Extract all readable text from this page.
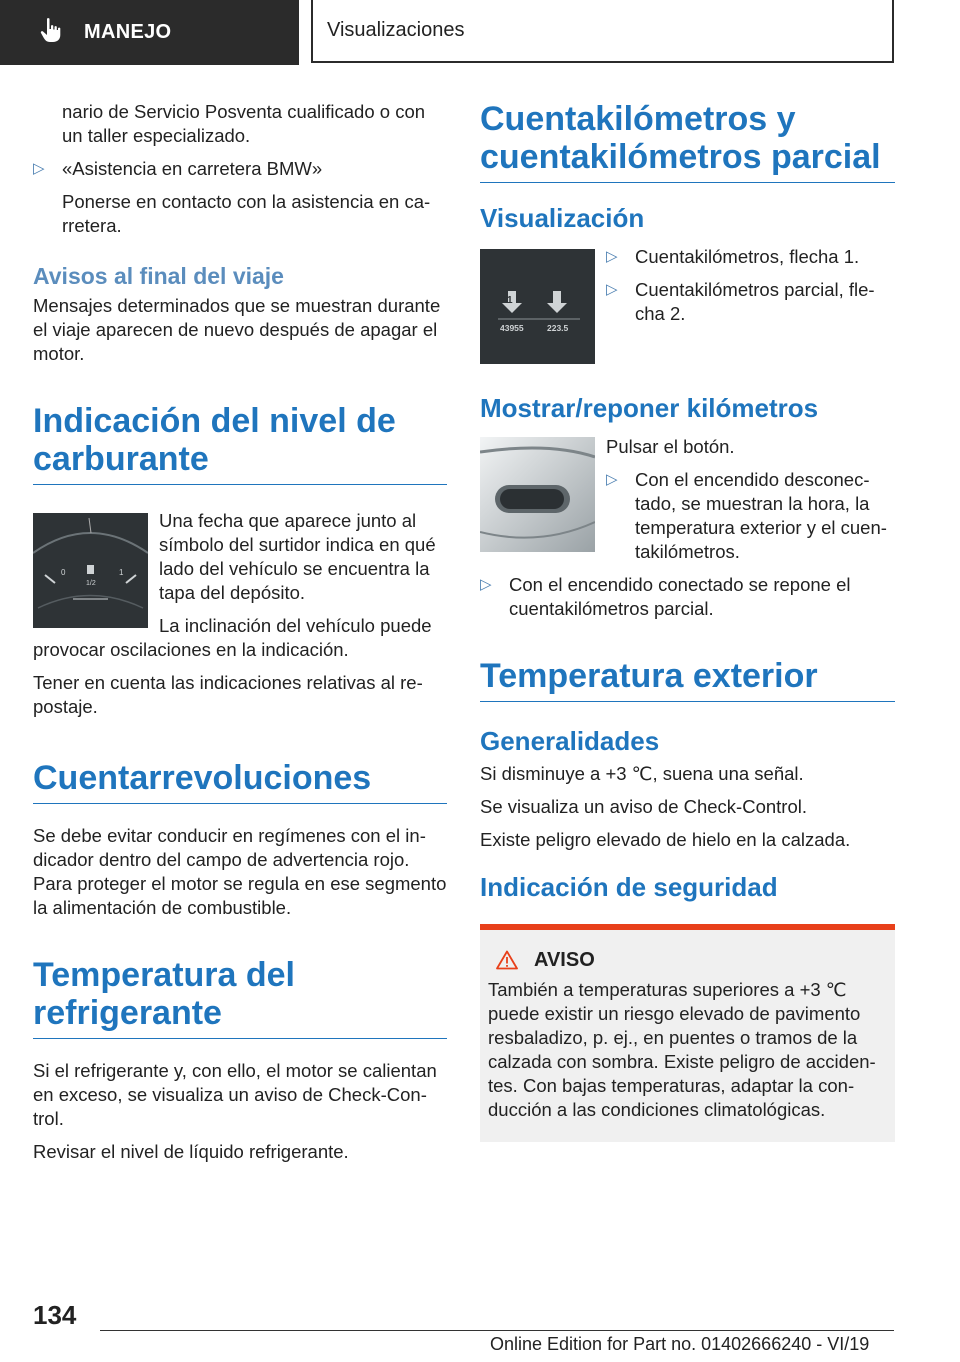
MANEJO	Visualizaciones

nario de Servicio Posventa cualificado o con un taller especializado.

▷ «Asistencia en carretera BMW»

Ponerse en contacto con la asistencia en carretera.

Avisos al final del viaje

Mensajes determinados que se muestran durante el viaje aparecen de nuevo después de apagar el motor.

Indicación del nivel de carburante
0	1
1/2

Una fecha que aparece junto al símbolo del surtidor indica en qué lado del vehículo se encuentra la tapa del depósito.

La inclinación del vehículo puede

provocar oscilaciones en la indicación.

Tener en cuenta las indicaciones relativas al repostaje.

Cuentarrevoluciones

Se debe evitar conducir en regímenes con el indicador dentro del campo de advertencia rojo. Para proteger el motor se regula en ese segmento la alimentación de combustible.

Temperatura del refrigerante

Si el refrigerante y, con ello, el motor se calientan en exceso, se visualiza un aviso de Check-Control.

Revisar el nivel de líquido refrigerante.

Cuentakilómetros y cuentakilómetros parcial
Visualización
1	2
43955	223.5
▷ Cuentakilómetros, flecha 1.
▷ Cuentakilómetros parcial, flecha 2.
Mostrar/reponer kilómetros

Pulsar el botón.

▷ Con el encendido desconectado, se muestran la hora, la temperatura exterior y el cuentakilómetros.
▷ Con el encendido conectado se repone el cuentakilómetros parcial.
Temperatura exterior
Generalidades

Si disminuye a +3 ℃, suena una señal.

Se visualiza un aviso de Check-Control.

Existe peligro elevado de hielo en la calzada.

Indicación de seguridad
AVISO
También a temperaturas superiores a +3 ℃ puede existir un riesgo elevado de pavimento resbaladizo, p. ej., en puentes o tramos de la calzada con sombra. Existe peligro de accidentes. Con bajas temperaturas, adaptar la conducción a las condiciones climatológicas.
134
Online Edition for Part no. 01402666240 - VI/19
